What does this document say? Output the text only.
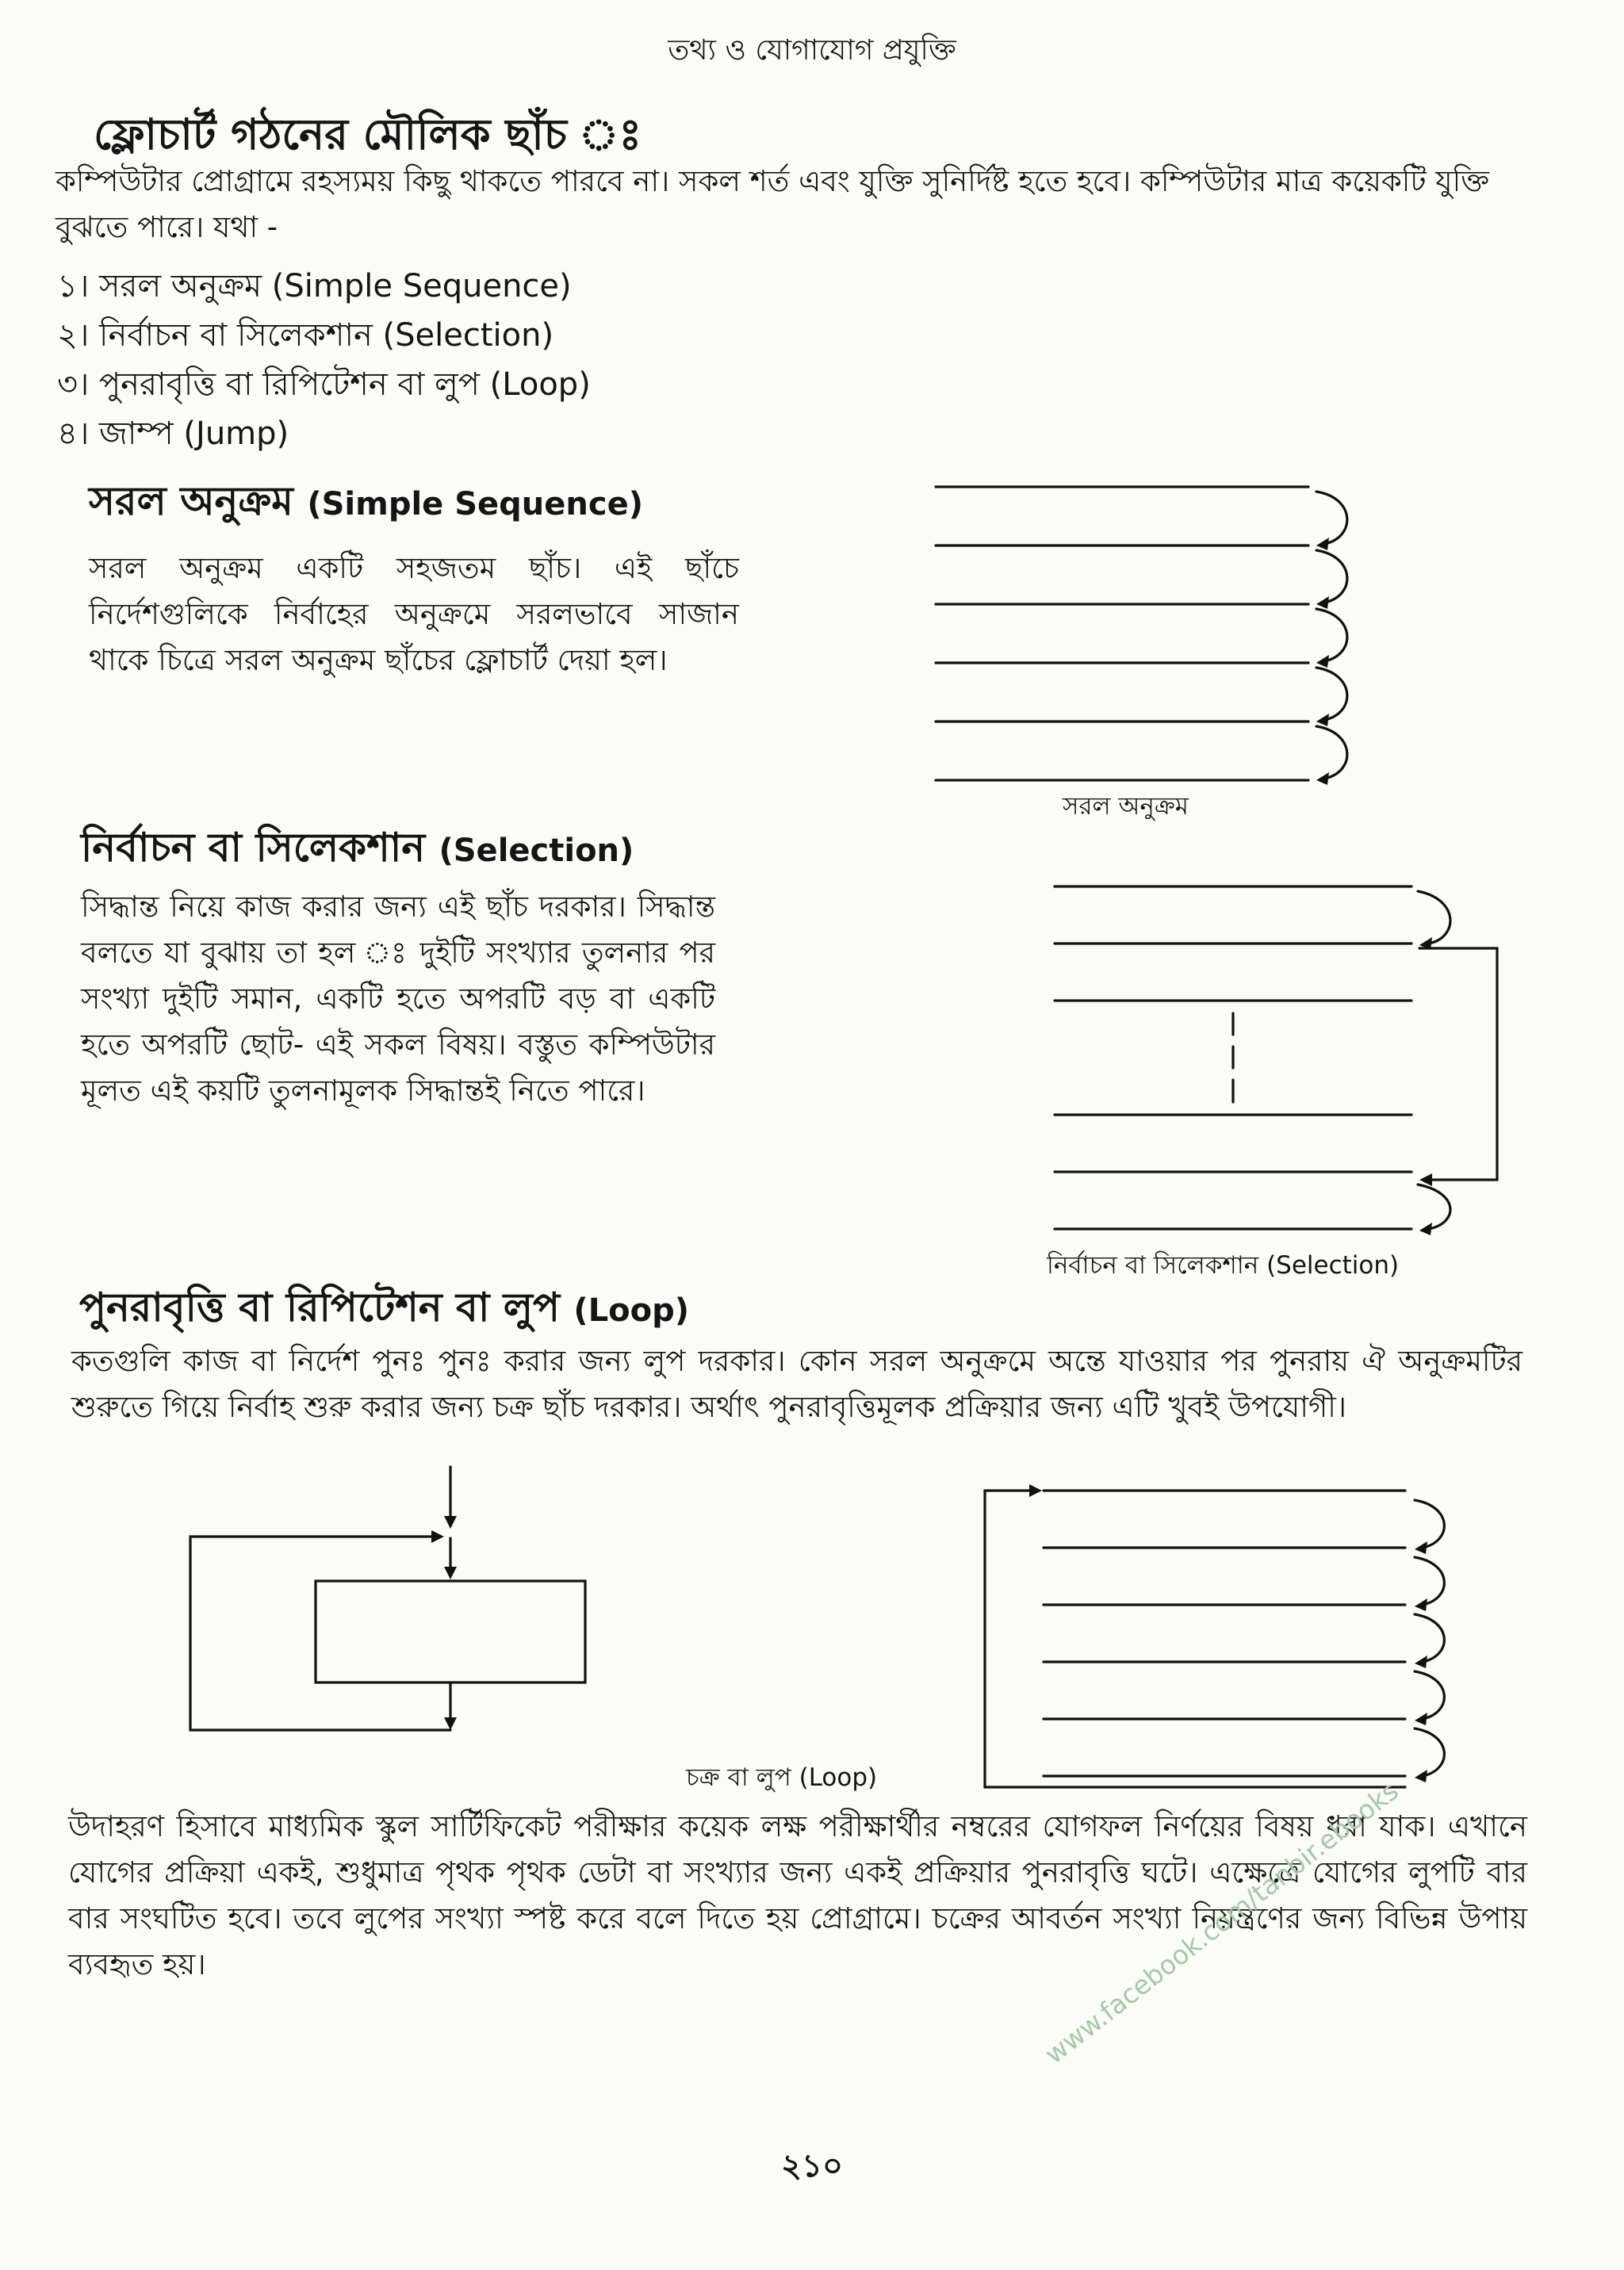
তথ্য ও যোগাযোগ প্রযুক্তি
ফ্লোচার্ট গঠনের মৌলিক ছাঁচ ঃ
কম্পিউটার প্রোগ্রামে রহস্যময় কিছু থাকতে পারবে না। সকল শর্ত এবং যুক্তি সুনির্দিষ্ট হতে হবে। কম্পিউটার মাত্র কয়েকটি যুক্তি বুঝতে পারে। যথা -
১। সরল অনুক্রম (Simple Sequence)
২। নির্বাচন বা সিলেকশান (Selection)
৩। পুনরাবৃত্তি বা রিপিটেশন বা লুপ (Loop)
৪। জাম্প (Jump)
সরল অনুক্রম (Simple Sequence)
সরল অনুক্রম একটি সহজতম ছাঁচ। এই ছাঁচে নির্দেশগুলিকে নির্বাহের অনুক্রমে সরলভাবে সাজান থাকে চিত্রে সরল অনুক্রম ছাঁচের ফ্লোচার্ট দেয়া হল।
সরল অনুক্রম
নির্বাচন বা সিলেকশান (Selection)
সিদ্ধান্ত নিয়ে কাজ করার জন্য এই ছাঁচ দরকার। সিদ্ধান্ত বলতে যা বুঝায় তা হল ঃ দুইটি সংখ্যার তুলনার পর সংখ্যা দুইটি সমান, একটি হতে অপরটি বড় বা একটি হতে অপরটি ছোট- এই সকল বিষয়। বস্তুত কম্পিউটার মূলত এই কয়টি তুলনামূলক সিদ্ধান্তই নিতে পারে।
নির্বাচন বা সিলেকশান (Selection)
পুনরাবৃত্তি বা রিপিটেশন বা লুপ (Loop)
কতগুলি কাজ বা নির্দেশ পুনঃ পুনঃ করার জন্য লুপ দরকার। কোন সরল অনুক্রমে অন্তে যাওয়ার পর পুনরায় ঐ অনুক্রমটির শুরুতে গিয়ে নির্বাহ শুরু করার জন্য চক্র ছাঁচ দরকার। অর্থাৎ পুনরাবৃত্তিমূলক প্রক্রিয়ার জন্য এটি খুবই উপযোগী।
চক্র বা লুপ (Loop)
উদাহরণ হিসাবে মাধ্যমিক স্কুল সার্টিফিকেট পরীক্ষার কয়েক লক্ষ পরীক্ষার্থীর নম্বরের যোগফল নির্ণয়ের বিষয় ধরা যাক। এখানে যোগের প্রক্রিয়া একই, শুধুমাত্র পৃথক পৃথক ডেটা বা সংখ্যার জন্য একই প্রক্রিয়ার পুনরাবৃত্তি ঘটে। এক্ষেত্রে যোগের লুপটি বার বার সংঘটিত হবে। তবে লুপের সংখ্যা স্পষ্ট করে বলে দিতে হয় প্রোগ্রামে। চক্রের আবর্তন সংখ্যা নিয়ন্ত্রণের জন্য বিভিন্ন উপায় ব্যবহৃত হয়।
২১০
www.facebook.com/tanbir.ebooks
